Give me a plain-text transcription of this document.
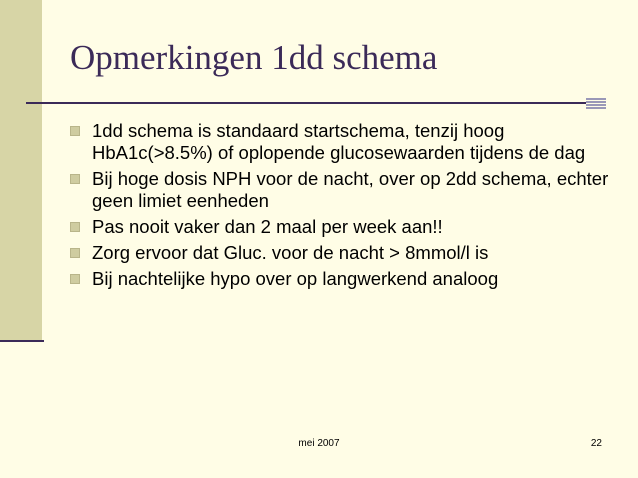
Opmerkingen 1dd schema
1dd schema is standaard startschema, tenzij hoog HbA1c(>8.5%) of oplopende glucosewaarden tijdens de dag
Bij hoge dosis NPH voor de nacht, over op 2dd schema, echter geen limiet eenheden
Pas nooit vaker dan 2 maal per week aan!!
Zorg ervoor dat Gluc. voor de nacht > 8mmol/l is
Bij nachtelijke hypo over op langwerkend analoog
mei 2007	22
